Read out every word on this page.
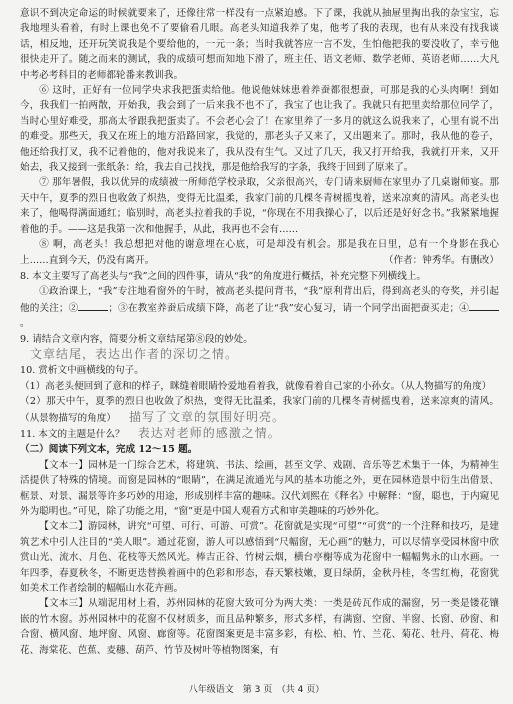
意识不到决定命运的时候就要来了，还像往常一样没有一点紧迫感。下了课，我就从抽屉里掏出我的杂宝宝，忘我地埋头看着，有时上课也免不了要偷看几眼。高老头知道我养了鬼，他考了我的表现，也有从来没有找我谈话，相反地，还开玩笑说我是个要给他的，一元一条；当时我就答应一言不发，生怕他把我的要没收了，幸亏他很快走开了。随之而来的测试，我的成绩可想而知地下滑了，班主任、语文老师、数学老师、英语老师……大凡中考必考科目的老师都轮番来教训我。

⑥ 这时，正好有一位同学央求我把蛋卖给他。他说他妹妹患着养蚕都很想蚕，可那是我的心头肉啊！到如今，我我们一拍两散，开始我，我会到了一后来我不也不了，我宝了也让我了。我就只有把里卖给那位同学了，当时心里好难受，那高太爷跟我把蛋卖了。不会老心会了！在家里养了一多月的就这么说我来了，心里有说不出的难受。那些天，我又在班上的地方沿路回家，我觉的，那老头子又来了，又出题来了。那时，我从他的卷子，他还给我打叉，我不记着他的，他对我说来了，我从没有生气。又过了几天，我又打开给我，我就打开来，又开始去，我又接到一张纸条：给，我去自己找找，那是他给我写的字条，我终于回到了原来了。

⑦ 那年暑假，我以优异的成绩被一所师范学校录取，父亲很高兴，专门请来厨师在家里办了几桌谢师宴。那天中午，夏季的烈日也收敛了炽热，变得无比温柔，我家门前的几棵冬青树摇曳着，送来凉爽的清风。高老头也来了，他喝得满面通红；临别时，高老头拉着我的手说，“你现在不用我操心了，以后还是好好念书。”我紧紧地握着他的手。——这是我第一次和他握手，从此，我再也不会有……

⑧ 啊，高老头！我总想把对他的谢意埋在心底，可是却没有机会。那是我在日里，总有一个身影在我心上……直到今天，仍没有离开。	（作者：钟秀华。有删改）

8. 本文主要写了高老头与“我”之间的四件事，请从“我”的角度进行概括，补充完整下列横线上。

①政治课上，“我”专注地看窗外的午时，被高老头提问背书，“我”原利背出后，得到高老头的夸奖，并引起他的关注；②	；③在教室养蚕后成绩下降，高老了让“我”安心复习，请一个同学出面把蚕买走；④。

9. 请结合文章内容，简要分析文章结尾第⑧段的妙处。

文章结尾，表达出作者的深切之情。

10. 赏析文中画横线的句子。

（1）高老头便回到了意和的样子，眯缝着眼睛怜爱地看着我，就像看着自己家的小孙女。（从人物描写的角度）

（2）那天中午，夏季的烈日也收敛了炽热，变得无比温柔，我家门前的几棵冬青树摇曳着，送来凉爽的清风。（从景物描写的角度） 描写了文章的氛围好明亮。

11. 本文的主题是什么？ 表达对老师的感激之情。

（二）阅读下列文本，完成 12～15 题。

【文本一】园林是一门综合艺术，将建筑、书法、绘画，甚至文学、戏剧、音乐等艺术集于一体，为精神生活提供了特殊的情境。而窗是园林的“眼睛”，在满足流通光与风的基本功能之外，更在园林造景中衍生出借景、框景、对景、漏景等许多巧妙的用途，形成别样丰富的趣味。汉代刘熙在《释名》中解释：“窗，聪也，于内窥见外为聪明也。”可见，除了功能之用，“窗”更是中国人观看方式和审美趣味的巧妙外化。

【文本二】游园林，讲究“可望、可行、可游、可赏”。花窗就是实现“可望”“可赏”的一个注释和技巧，是建筑艺术中引人注目的“美人眼”。通过花窗，游人可以感悟到“尺幅窗，无心画”的魅力，可以尽情享受园林窗中欣赏山光、流水、月色、花枝等天然风光。棒吉正谷、竹树云烟，横台亭榭等成为花窗中一幅幅隽永的山水画。一年四季，春夏秋冬，不断更迭替换着画中的色彩和形态，春天繁枝嫩，夏日绿荫，金秋丹桂，冬雪红梅，花窗犹如美术工作者绘制的幅幅山水花卉画。

【文本三】从端泥用材上看，苏州园林的花窗大致可分为两大类：一类是砖瓦作成的漏窗，另一类是镂花镶嵌的竹木窗。苏州园林中的花窗不仅材质多，而且品种繁多，形式多样，有满窗、空窗、半窗、长窗、砂窗、和合窗、横风窗、地坪窗、风窗、廊窗等。花窗图案更是丰富多彩，有松、柏、竹、兰花、菊花、牡丹、荷花、梅花、海棠花、芭蕉、麦穗、葫芦、竹节及树叶等植物图案，有

八年级语文　第 3 页　（共 4 页）
